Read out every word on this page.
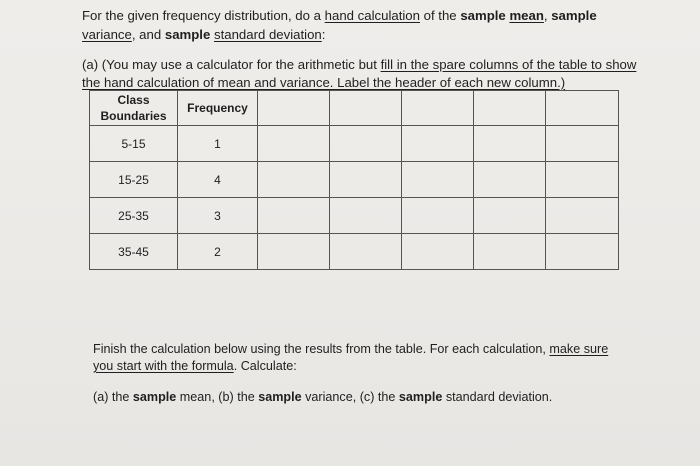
For the given frequency distribution, do a hand calculation of the sample mean, sample
variance, and sample standard deviation:
(a) (You may use a calculator for the arithmetic but fill in the spare columns of the table to show
the hand calculation of mean and variance. Label the header of each new column.)
Class
Boundaries	Frequency					
5-15	1					
15-25	4					
25-35	3					
35-45	2					
Finish the calculation below using the results from the table. For each calculation, make sure
you start with the formula. Calculate:
(a) the sample mean, (b) the sample variance, (c) the sample standard deviation.
